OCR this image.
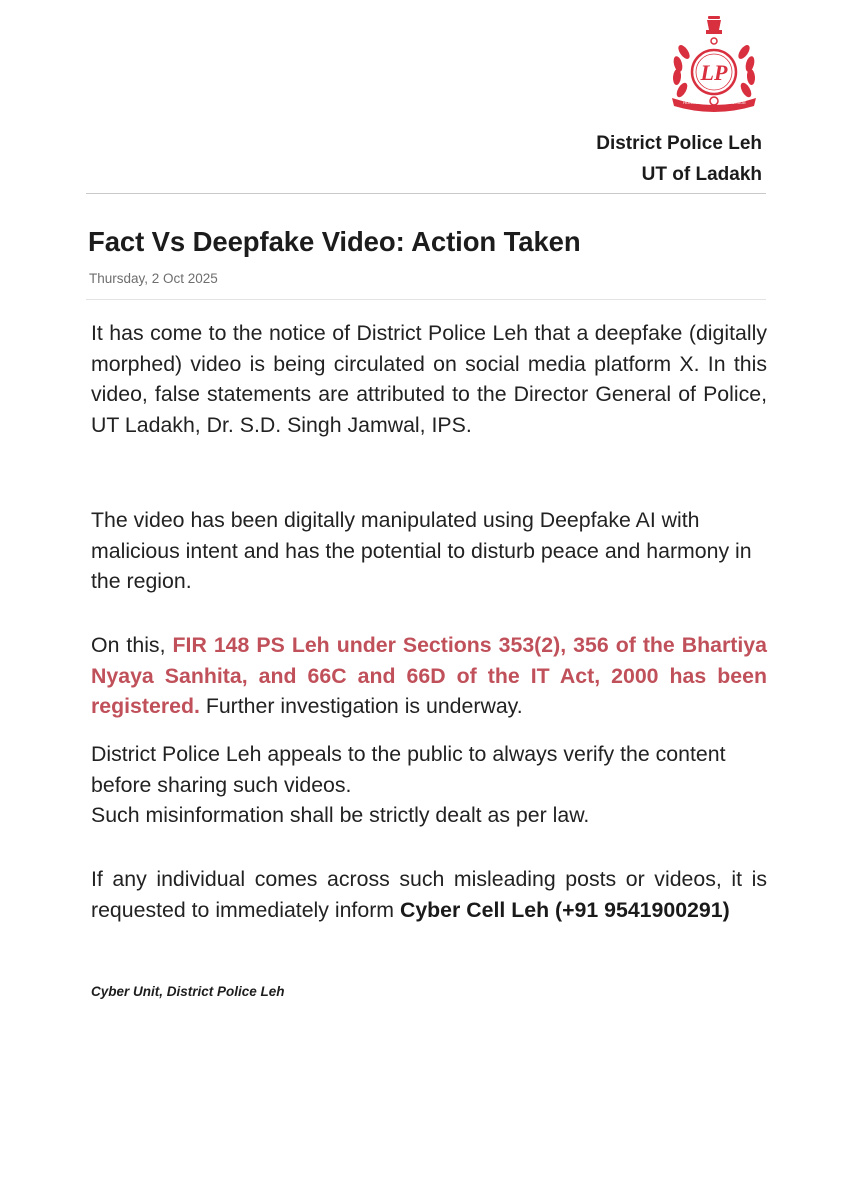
LP
HONOUR	COURAGE
District Police Leh
UT of Ladakh
Fact Vs Deepfake Video: Action Taken
Thursday, 2 Oct 2025

It has come to the notice of District Police Leh that a deepfake (digitally morphed) video is being circulated on social media platform X. In this video, false statements are attributed to the Director General of Police, UT Ladakh, Dr. S.D. Singh Jamwal, IPS.

The video has been digitally manipulated using Deepfake AI with malicious intent and has the potential to disturb peace and harmony in the region.

On this, FIR 148 PS Leh under Sections 353(2), 356 of the Bhartiya Nyaya Sanhita, and 66C and 66D of the IT Act, 2000 has been registered. Further investigation is underway.

District Police Leh appeals to the public to always verify the content before sharing such videos.
Such misinformation shall be strictly dealt as per law.

If any individual comes across such misleading posts or videos, it is requested to immediately inform Cyber Cell Leh (+91 9541900291)

Cyber Unit, District Police Leh
